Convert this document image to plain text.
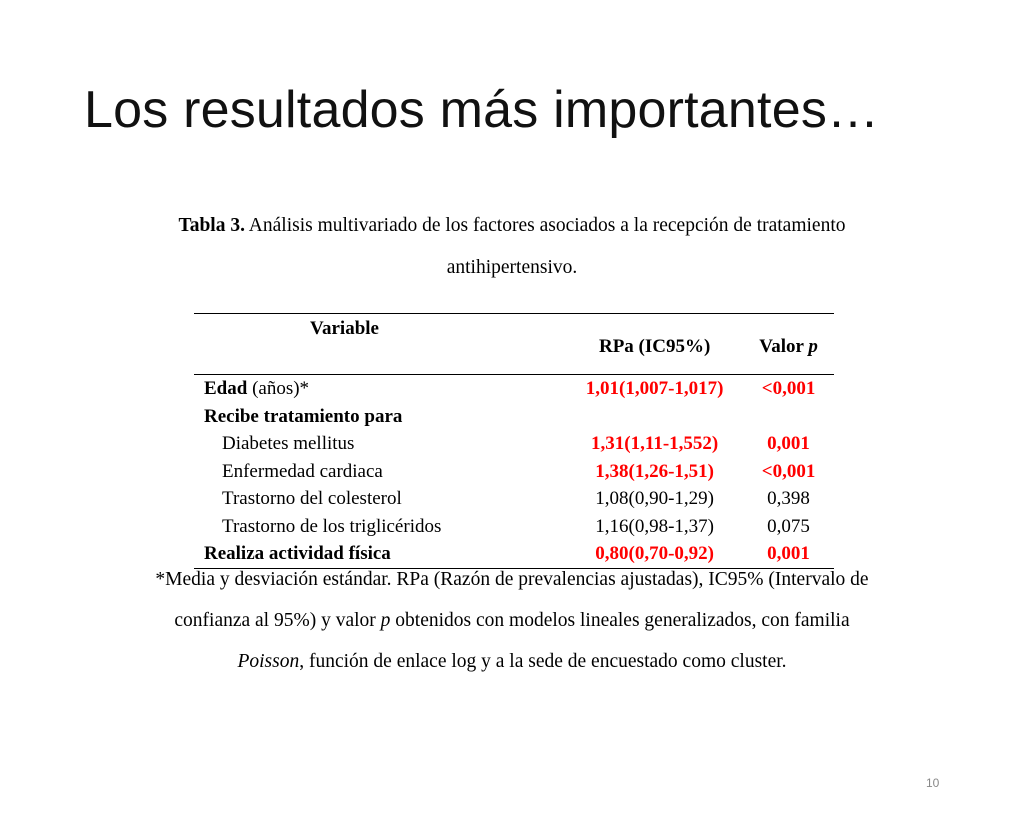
Los resultados más importantes…
Tabla 3. Análisis multivariado de los factores asociados a la recepción de tratamiento
antihipertensivo.
Variable	RPa (IC95%)	Valor p
Edad (años)*	1,01(1,007-1,017)	<0,001
Recibe tratamiento para		
Diabetes mellitus	1,31(1,11-1,552)	0,001
Enfermedad cardiaca	1,38(1,26-1,51)	<0,001
Trastorno del colesterol	1,08(0,90-1,29)	0,398
Trastorno de los triglicéridos	1,16(0,98-1,37)	0,075
Realiza actividad física	0,80(0,70-0,92)	0,001
*Media y desviación estándar. RPa (Razón de prevalencias ajustadas), IC95% (Intervalo de
confianza al 95%) y valor p obtenidos con modelos lineales generalizados, con familia
Poisson, función de enlace log y a la sede de encuestado como cluster.
10
